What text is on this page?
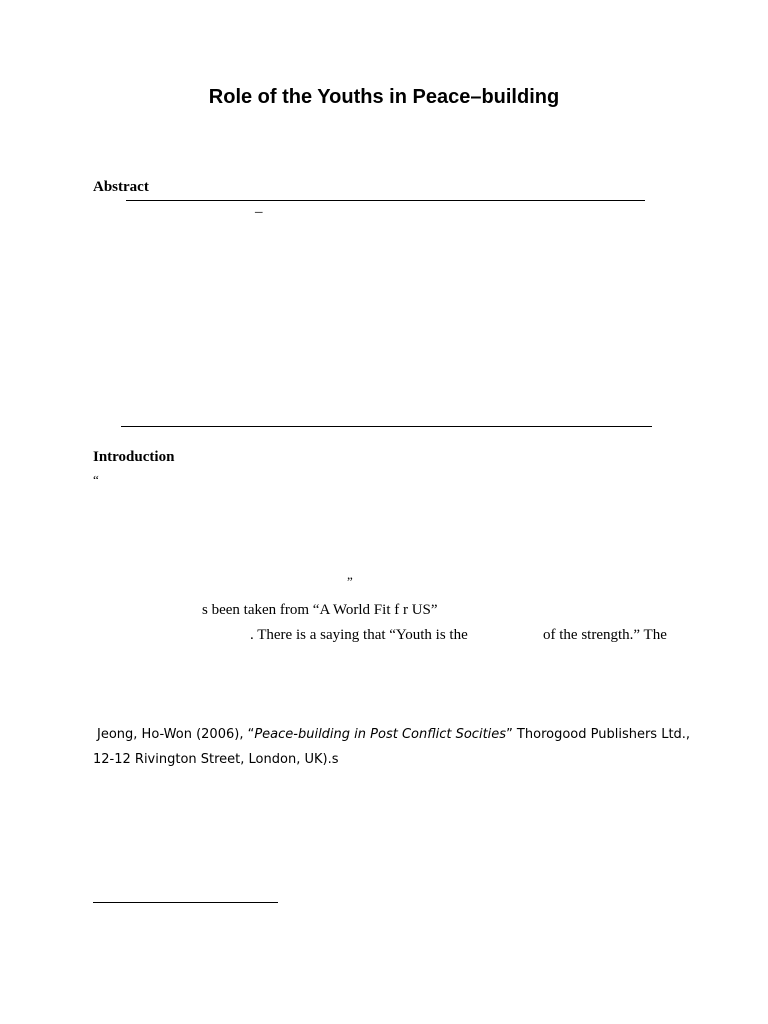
Role of the Youths in Peace–building
Abstract
–
Introduction
“
”
s been taken from “A World Fit f r US”
. There is a saying that “Youth is the	of the strength.” The
Jeong, Ho-Won (2006), “Peace-building in Post Conflict Socities” Thorogood Publishers Ltd.,
12-12 Rivington Street, London, UK).s
